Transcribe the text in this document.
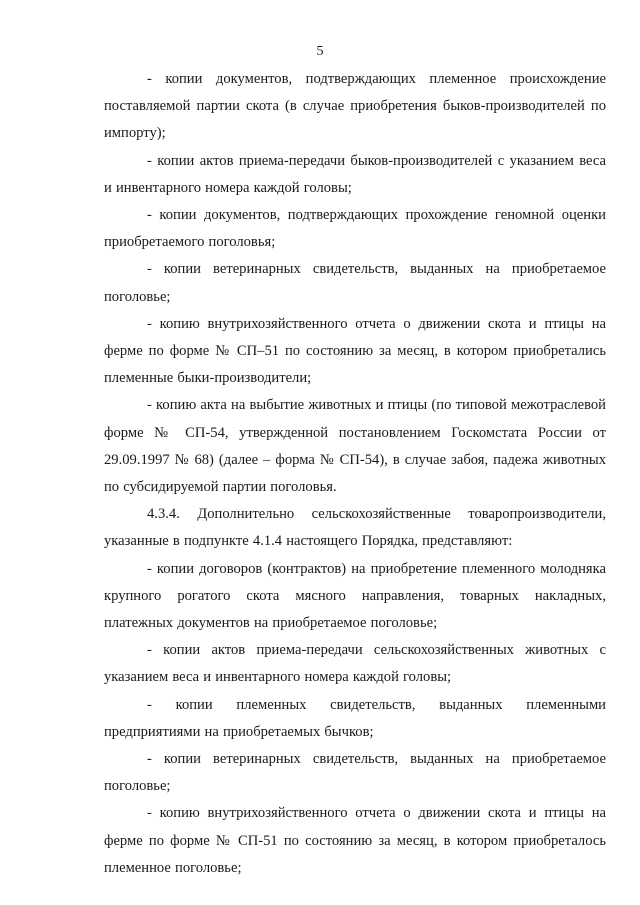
5

- копии документов, подтверждающих племенное происхождение поставляемой партии скота (в случае приобретения быков-производителей по импорту);

- копии актов приема-передачи быков-производителей с указанием веса и инвентарного номера каждой головы;

- копии документов, подтверждающих прохождение геномной оценки приобретаемого поголовья;

- копии ветеринарных свидетельств, выданных на приобретаемое поголовье;

- копию внутрихозяйственного отчета о движении скота и птицы на ферме по форме № СП–51 по состоянию за месяц, в котором приобретались племенные быки-производители;

- копию акта на выбытие животных и птицы (по типовой межотраслевой форме № СП-54, утвержденной постановлением Госкомстата России от 29.09.1997 № 68) (далее – форма № СП-54), в случае забоя, падежа животных по субсидируемой партии поголовья.

4.3.4. Дополнительно сельскохозяйственные товаропроизводители, указанные в подпункте 4.1.4 настоящего Порядка, представляют:

- копии договоров (контрактов) на приобретение племенного молодняка крупного рогатого скота мясного направления, товарных накладных, платежных документов на приобретаемое поголовье;

- копии актов приема-передачи сельскохозяйственных животных с указанием веса и инвентарного номера каждой головы;

- копии племенных свидетельств, выданных племенными предприятиями на приобретаемых бычков;

- копии ветеринарных свидетельств, выданных на приобретаемое поголовье;

- копию внутрихозяйственного отчета о движении скота и птицы на ферме по форме № СП-51 по состоянию за месяц, в котором приобреталось племенное поголовье;
